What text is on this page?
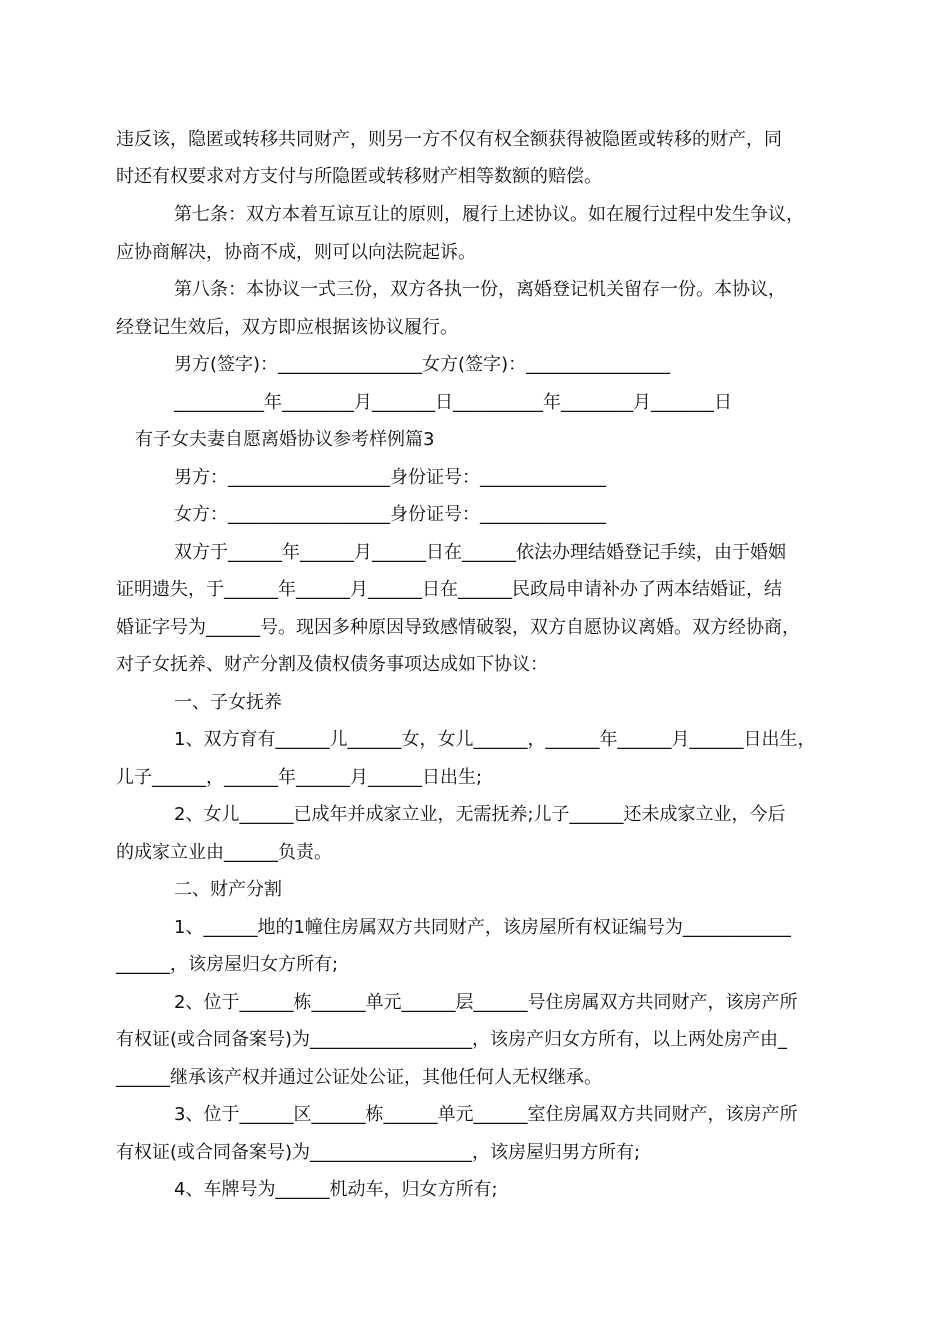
违反该，隐匿或转移共同财产，则另一方不仅有权全额获得被隐匿或转移的财产，同
时还有权要求对方支付与所隐匿或转移财产相等数额的赔偿。
第七条：双方本着互谅互让的原则，履行上述协议。如在履行过程中发生争议，
应协商解决，协商不成，则可以向法院起诉。
第八条：本协议一式三份，双方各执一份，离婚登记机关留存一份。本协议，
经登记生效后，双方即应根据该协议履行。
男方(签字)：________________女方(签字)：________________
__________年________月_______日__________年________月_______日
有子女夫妻自愿离婚协议参考样例篇3
男方：__________________身份证号：______________
女方：__________________身份证号：______________
双方于______年______月______日在______依法办理结婚登记手续，由于婚姻
证明遗失，于______年______月______日在______民政局申请补办了两本结婚证，结
婚证字号为______号。现因多种原因导致感情破裂，双方自愿协议离婚。双方经协商，
对子女抚养、财产分割及债权债务事项达成如下协议：
一、子女抚养
1、双方育有______儿______女，女儿______，______年______月______日出生，
儿子______，______年______月______日出生;
2、女儿______已成年并成家立业，无需抚养;儿子______还未成家立业，今后
的成家立业由______负责。
二、财产分割
1、______地的1幢住房属双方共同财产，该房屋所有权证编号为____________
______，该房屋归女方所有;
2、位于______栋______单元______层______号住房属双方共同财产，该房产所
有权证(或合同备案号)为__________________，该房产归女方所有，以上两处房产由_
______继承该产权并通过公证处公证，其他任何人无权继承。
3、位于______区______栋______单元______室住房属双方共同财产，该房产所
有权证(或合同备案号)为__________________，该房屋归男方所有;
4、车牌号为______机动车，归女方所有;
